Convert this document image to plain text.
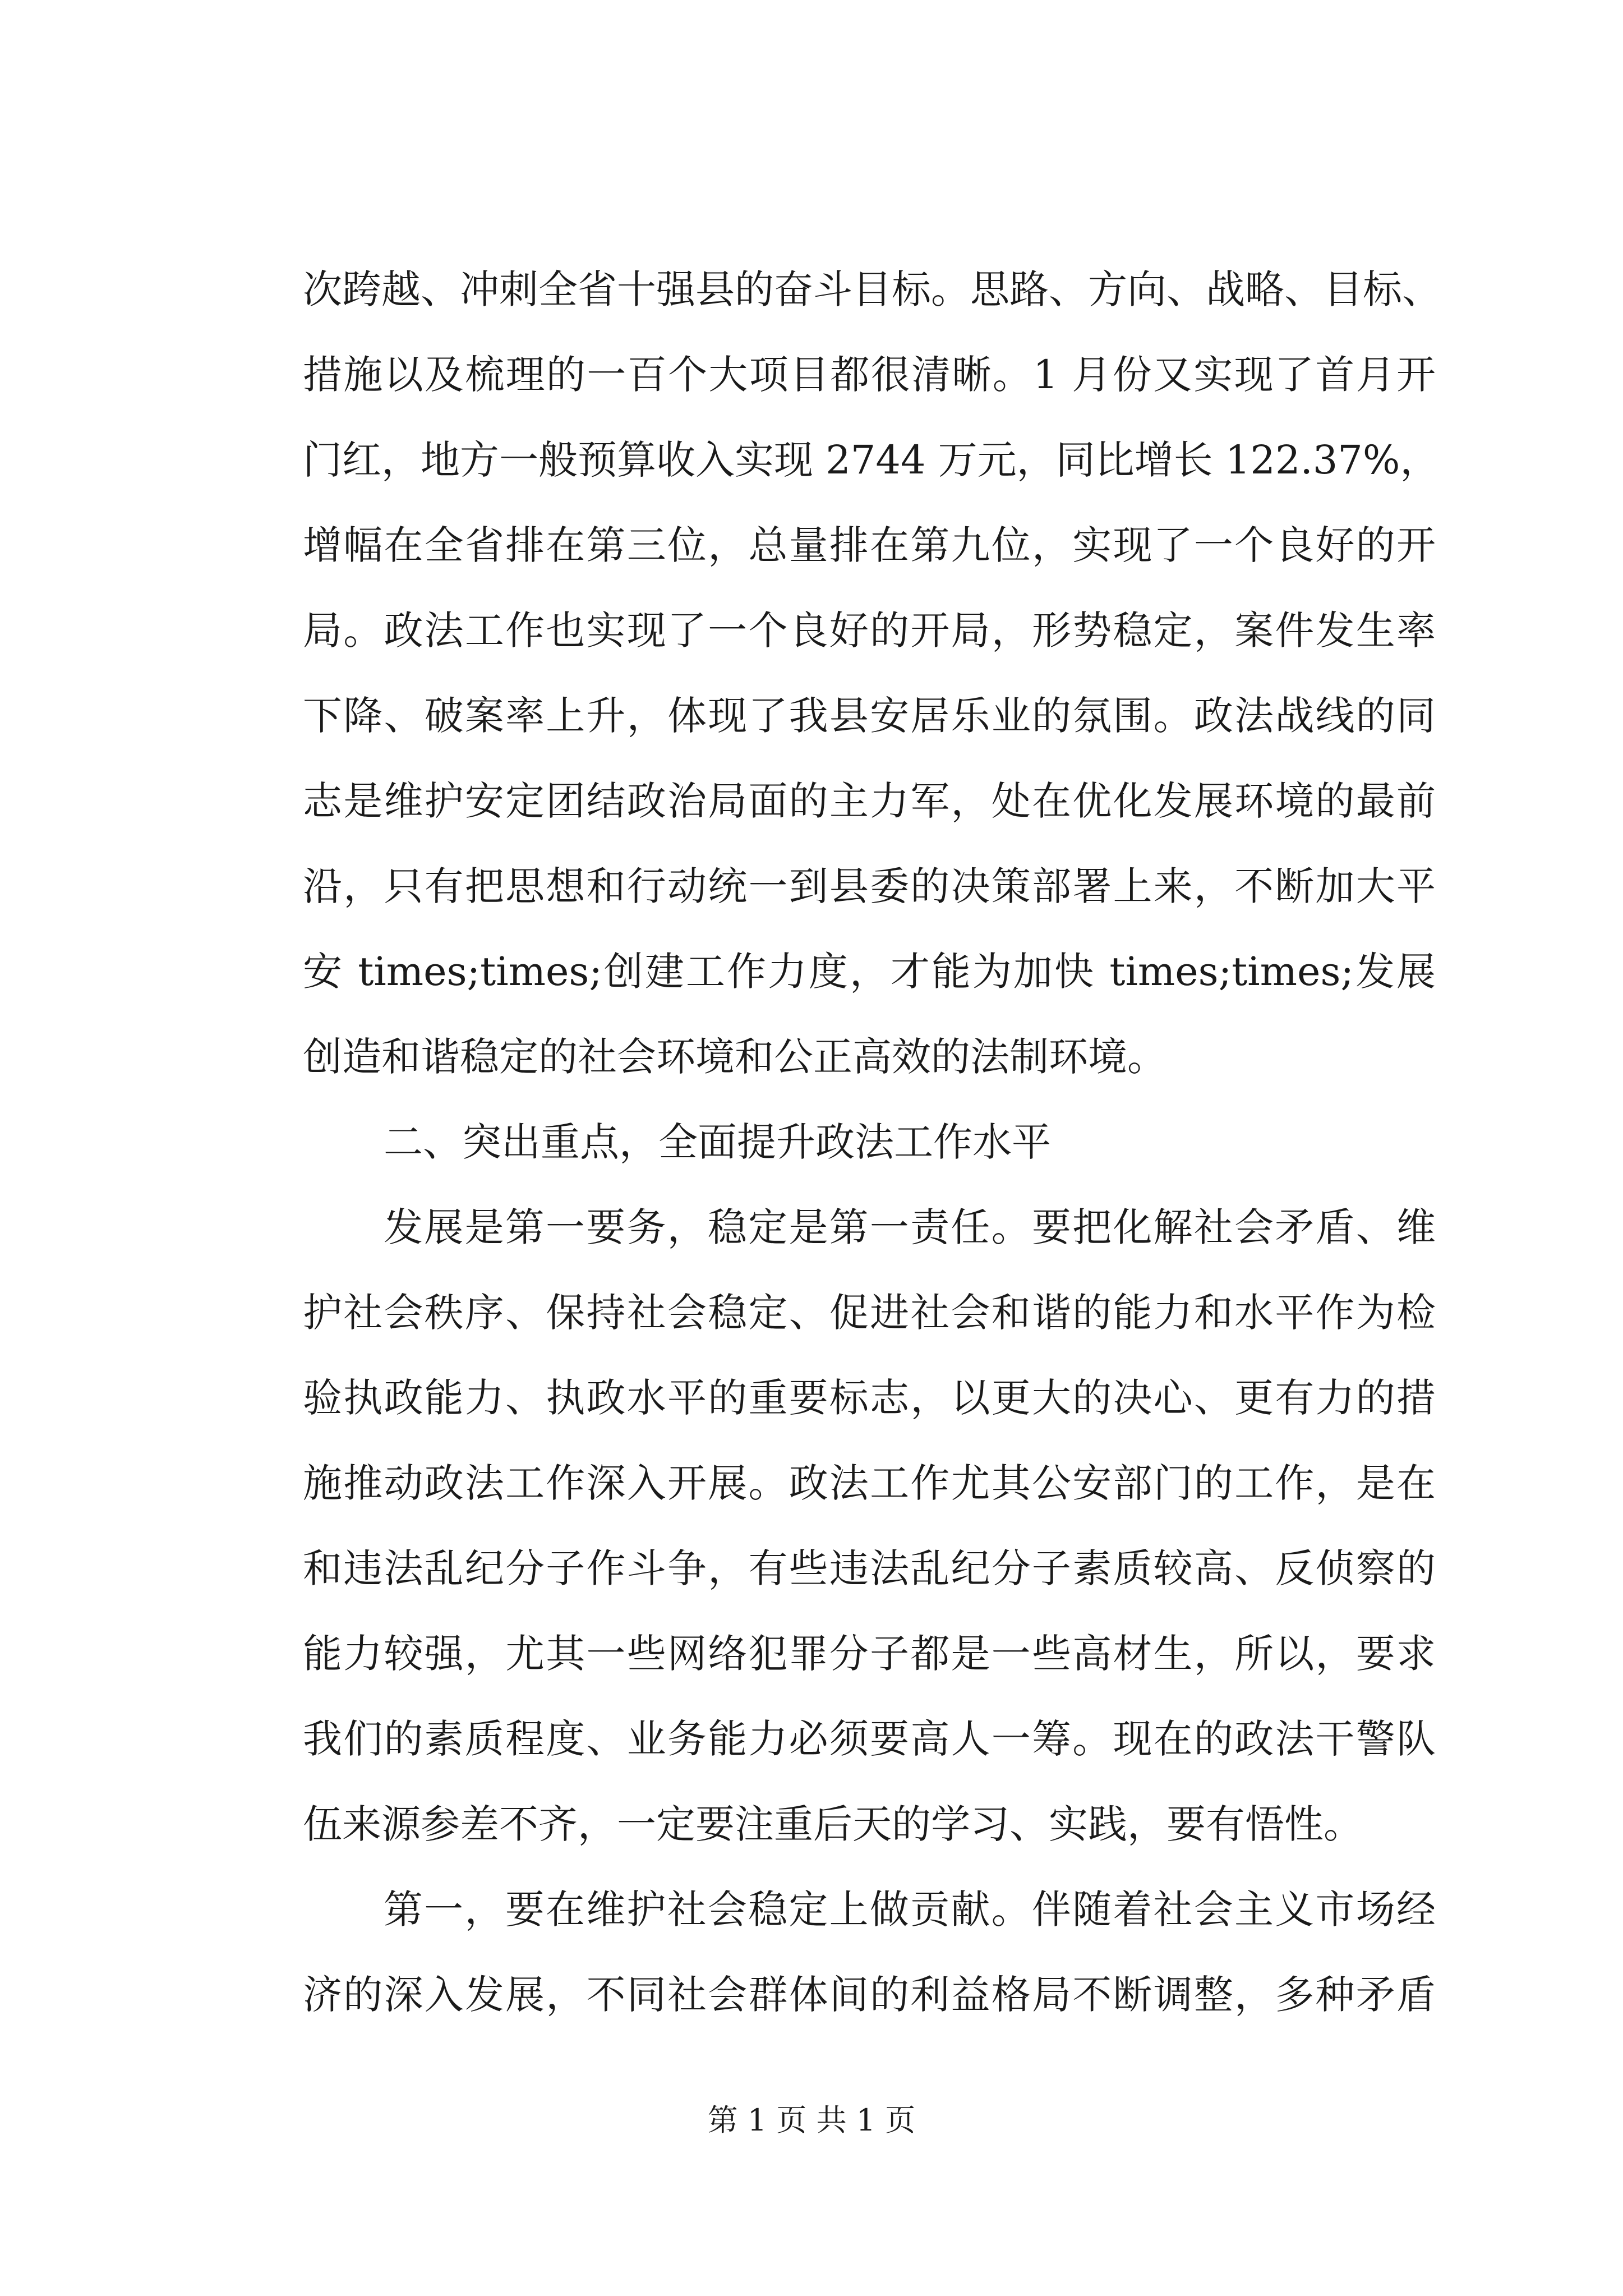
次跨越、冲刺全省十强县的奋斗目标。思路、方向、战略、目标、
措施以及梳理的一百个大项目都很清晰。1 月份又实现了首月开
门红，地方一般预算收入实现 2744 万元，同比增长 122.37%，
增幅在全省排在第三位，总量排在第九位，实现了一个良好的开
局。政法工作也实现了一个良好的开局，形势稳定，案件发生率
下降、破案率上升，体现了我县安居乐业的氛围。政法战线的同
志是维护安定团结政治局面的主力军，处在优化发展环境的最前
沿，只有把思想和行动统一到县委的决策部署上来，不断加大平
安 times;times;创建工作力度，才能为加快 times;times;发展
创造和谐稳定的社会环境和公正高效的法制环境。
二、突出重点，全面提升政法工作水平
发展是第一要务，稳定是第一责任。要把化解社会矛盾、维
护社会秩序、保持社会稳定、促进社会和谐的能力和水平作为检
验执政能力、执政水平的重要标志，以更大的决心、更有力的措
施推动政法工作深入开展。政法工作尤其公安部门的工作，是在
和违法乱纪分子作斗争，有些违法乱纪分子素质较高、反侦察的
能力较强，尤其一些网络犯罪分子都是一些高材生，所以，要求
我们的素质程度、业务能力必须要高人一筹。现在的政法干警队
伍来源参差不齐，一定要注重后天的学习、实践，要有悟性。
第一，要在维护社会稳定上做贡献。伴随着社会主义市场经
济的深入发展，不同社会群体间的利益格局不断调整，多种矛盾
第 1 页 共 1 页
